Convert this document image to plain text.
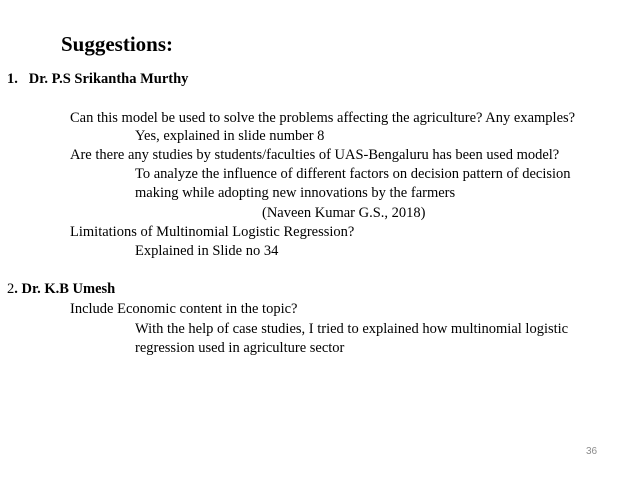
Suggestions:
1. Dr. P.S Srikantha Murthy
Can this model be used to solve the problems affecting the agriculture? Any examples?
Yes, explained in slide number 8
Are there any studies by students/faculties of UAS-Bengaluru has been used model?
To analyze the influence of different factors on decision pattern of decision
making while adopting new innovations by the farmers
(Naveen Kumar G.S., 2018)
Limitations of Multinomial Logistic Regression?
Explained in Slide no 34
2. Dr. K.B Umesh
Include Economic content in the topic?
With the help of case studies, I tried to explained how multinomial logistic
regression used in agriculture sector
36
